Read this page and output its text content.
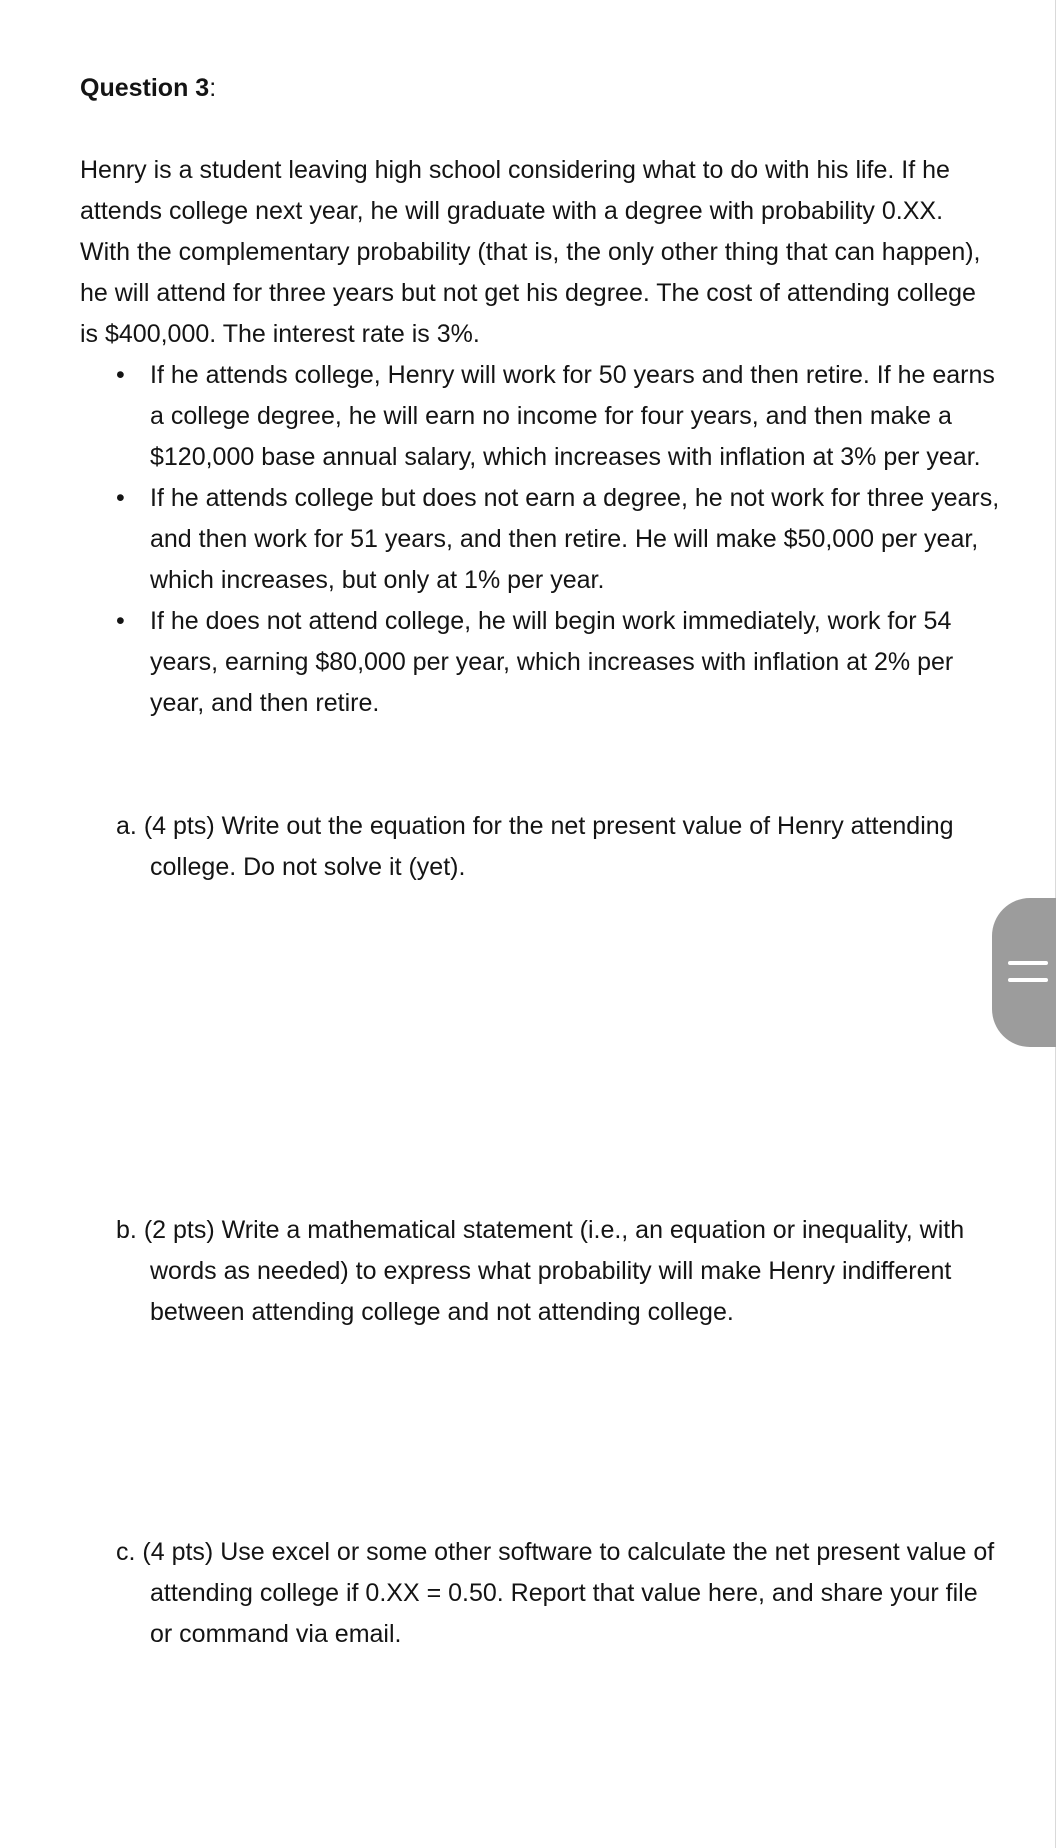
Question 3:

Henry is a student leaving high school considering what to do with his life. If he attends college next year, he will graduate with a degree with probability 0.XX. With the complementary probability (that is, the only other thing that can happen), he will attend for three years but not get his degree. The cost of attending college is $400,000. The interest rate is 3%.

• If he attends college, Henry will work for 50 years and then retire. If he earns a college degree, he will earn no income for four years, and then make a $120,000 base annual salary, which increases with inflation at 3% per year.
• If he attends college but does not earn a degree, he not work for three years, and then work for 51 years, and then retire. He will make $50,000 per year, which increases, but only at 1% per year.
• If he does not attend college, he will begin work immediately, work for 54 years, earning $80,000 per year, which increases with inflation at 2% per year, and then retire.

a. (4 pts) Write out the equation for the net present value of Henry attending college. Do not solve it (yet).

b. (2 pts) Write a mathematical statement (i.e., an equation or inequality, with words as needed) to express what probability will make Henry indifferent between attending college and not attending college.

c. (4 pts) Use excel or some other software to calculate the net present value of attending college if 0.XX = 0.50. Report that value here, and share your file or command via email.
